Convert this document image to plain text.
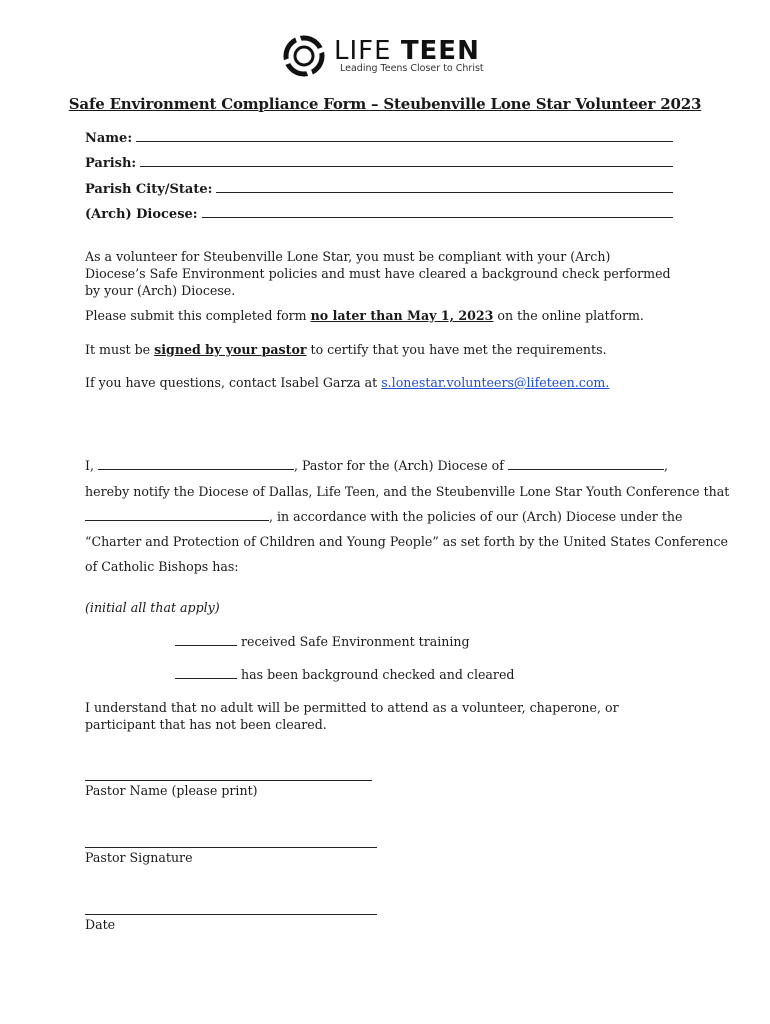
LIFE TEEN
Leading Teens Closer to Christ
Safe Environment Compliance Form – Steubenville Lone Star Volunteer 2023
Name:
Parish:
Parish City/State:
(Arch) Diocese:
As a volunteer for Steubenville Lone Star, you must be compliant with your (Arch) Diocese’s Safe Environment policies and must have cleared a background check performed by your (Arch) Diocese.
Please submit this completed form no later than May 1, 2023 on the online platform.
It must be signed by your pastor to certify that you have met the requirements.
If you have questions, contact Isabel Garza at s.lonestar.volunteers@lifeteen.com.
I,	, Pastor for the (Arch) Diocese of	,
hereby notify the Diocese of Dallas, Life Teen, and the Steubenville Lone Star Youth Conference that
, in accordance with the policies of our (Arch) Diocese under the
“Charter and Protection of Children and Young People” as set forth by the United States Conference
of Catholic Bishops has:
(initial all that apply)
received Safe Environment training
has been background checked and cleared
I understand that no adult will be permitted to attend as a volunteer, chaperone, or participant that has not been cleared.
Pastor Name (please print)
Pastor Signature
Date
